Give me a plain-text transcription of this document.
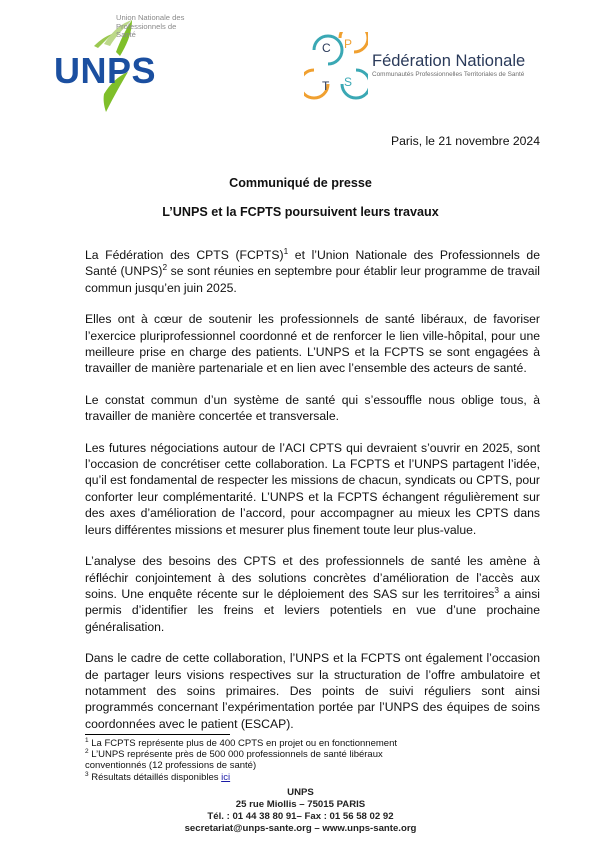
Union Nationale des Professionnels de Santé
UNPS
C P
T S
Fédération Nationale
Communautés Professionnelles Territoriales de Santé
Paris, le 21 novembre 2024
Communiqué de presse
L’UNPS et la FCPTS poursuivent leurs travaux

La Fédération des CPTS (FCPTS)$^1$ et l’Union Nationale des Professionnels de Santé (UNPS)$^2$ se sont réunies en septembre pour établir leur programme de travail commun jusqu’en juin 2025.

Elles ont à cœur de soutenir les professionnels de santé libéraux, de favoriser l’exercice pluriprofessionnel coordonné et de renforcer le lien ville-hôpital, pour une meilleure prise en charge des patients. L’UNPS et la FCPTS se sont engagées à travailler de manière partenariale et en lien avec l’ensemble des acteurs de santé.

Le constat commun d’un système de santé qui s’essouffle nous oblige tous, à travailler de manière concertée et transversale.

Les futures négociations autour de l’ACI CPTS qui devraient s’ouvrir en 2025, sont l’occasion de concrétiser cette collaboration. La FCPTS et l’UNPS partagent l’idée, qu’il est fondamental de respecter les missions de chacun, syndicats ou CPTS, pour conforter leur complémentarité. L’UNPS et la FCPTS échangent régulièrement sur des axes d’amélioration de l’accord, pour accompagner au mieux les CPTS dans leurs différentes missions et mesurer plus finement toute leur plus-value.

L’analyse des besoins des CPTS et des professionnels de santé les amène à réfléchir conjointement à des solutions concrètes d’amélioration de l’accès aux soins. Une enquête récente sur le déploiement des SAS sur les territoires$^3$ a ainsi permis d’identifier les freins et leviers potentiels en vue d’une prochaine généralisation.

Dans le cadre de cette collaboration, l’UNPS et la FCPTS ont également l’occasion de partager leurs visions respectives sur la structuration de l’offre ambulatoire et notamment des soins primaires. Des points de suivi réguliers sont ainsi programmés concernant l’expérimentation portée par l’UNPS des équipes de soins coordonnées avec le patient (ESCAP).

$^1$ La FCPTS représente plus de 400 CPTS en projet ou en fonctionnement
$^2$ L’UNPS représente près de 500 000 professionnels de santé libéraux conventionnés (12 professions de santé)
$^3$ Résultats détaillés disponibles ici
UNPS
25 rue Miollis – 75015 PARIS
Tél. : 01 44 38 80 91– Fax : 01 56 58 02 92
secretariat@unps-sante.org – www.unps-sante.org
